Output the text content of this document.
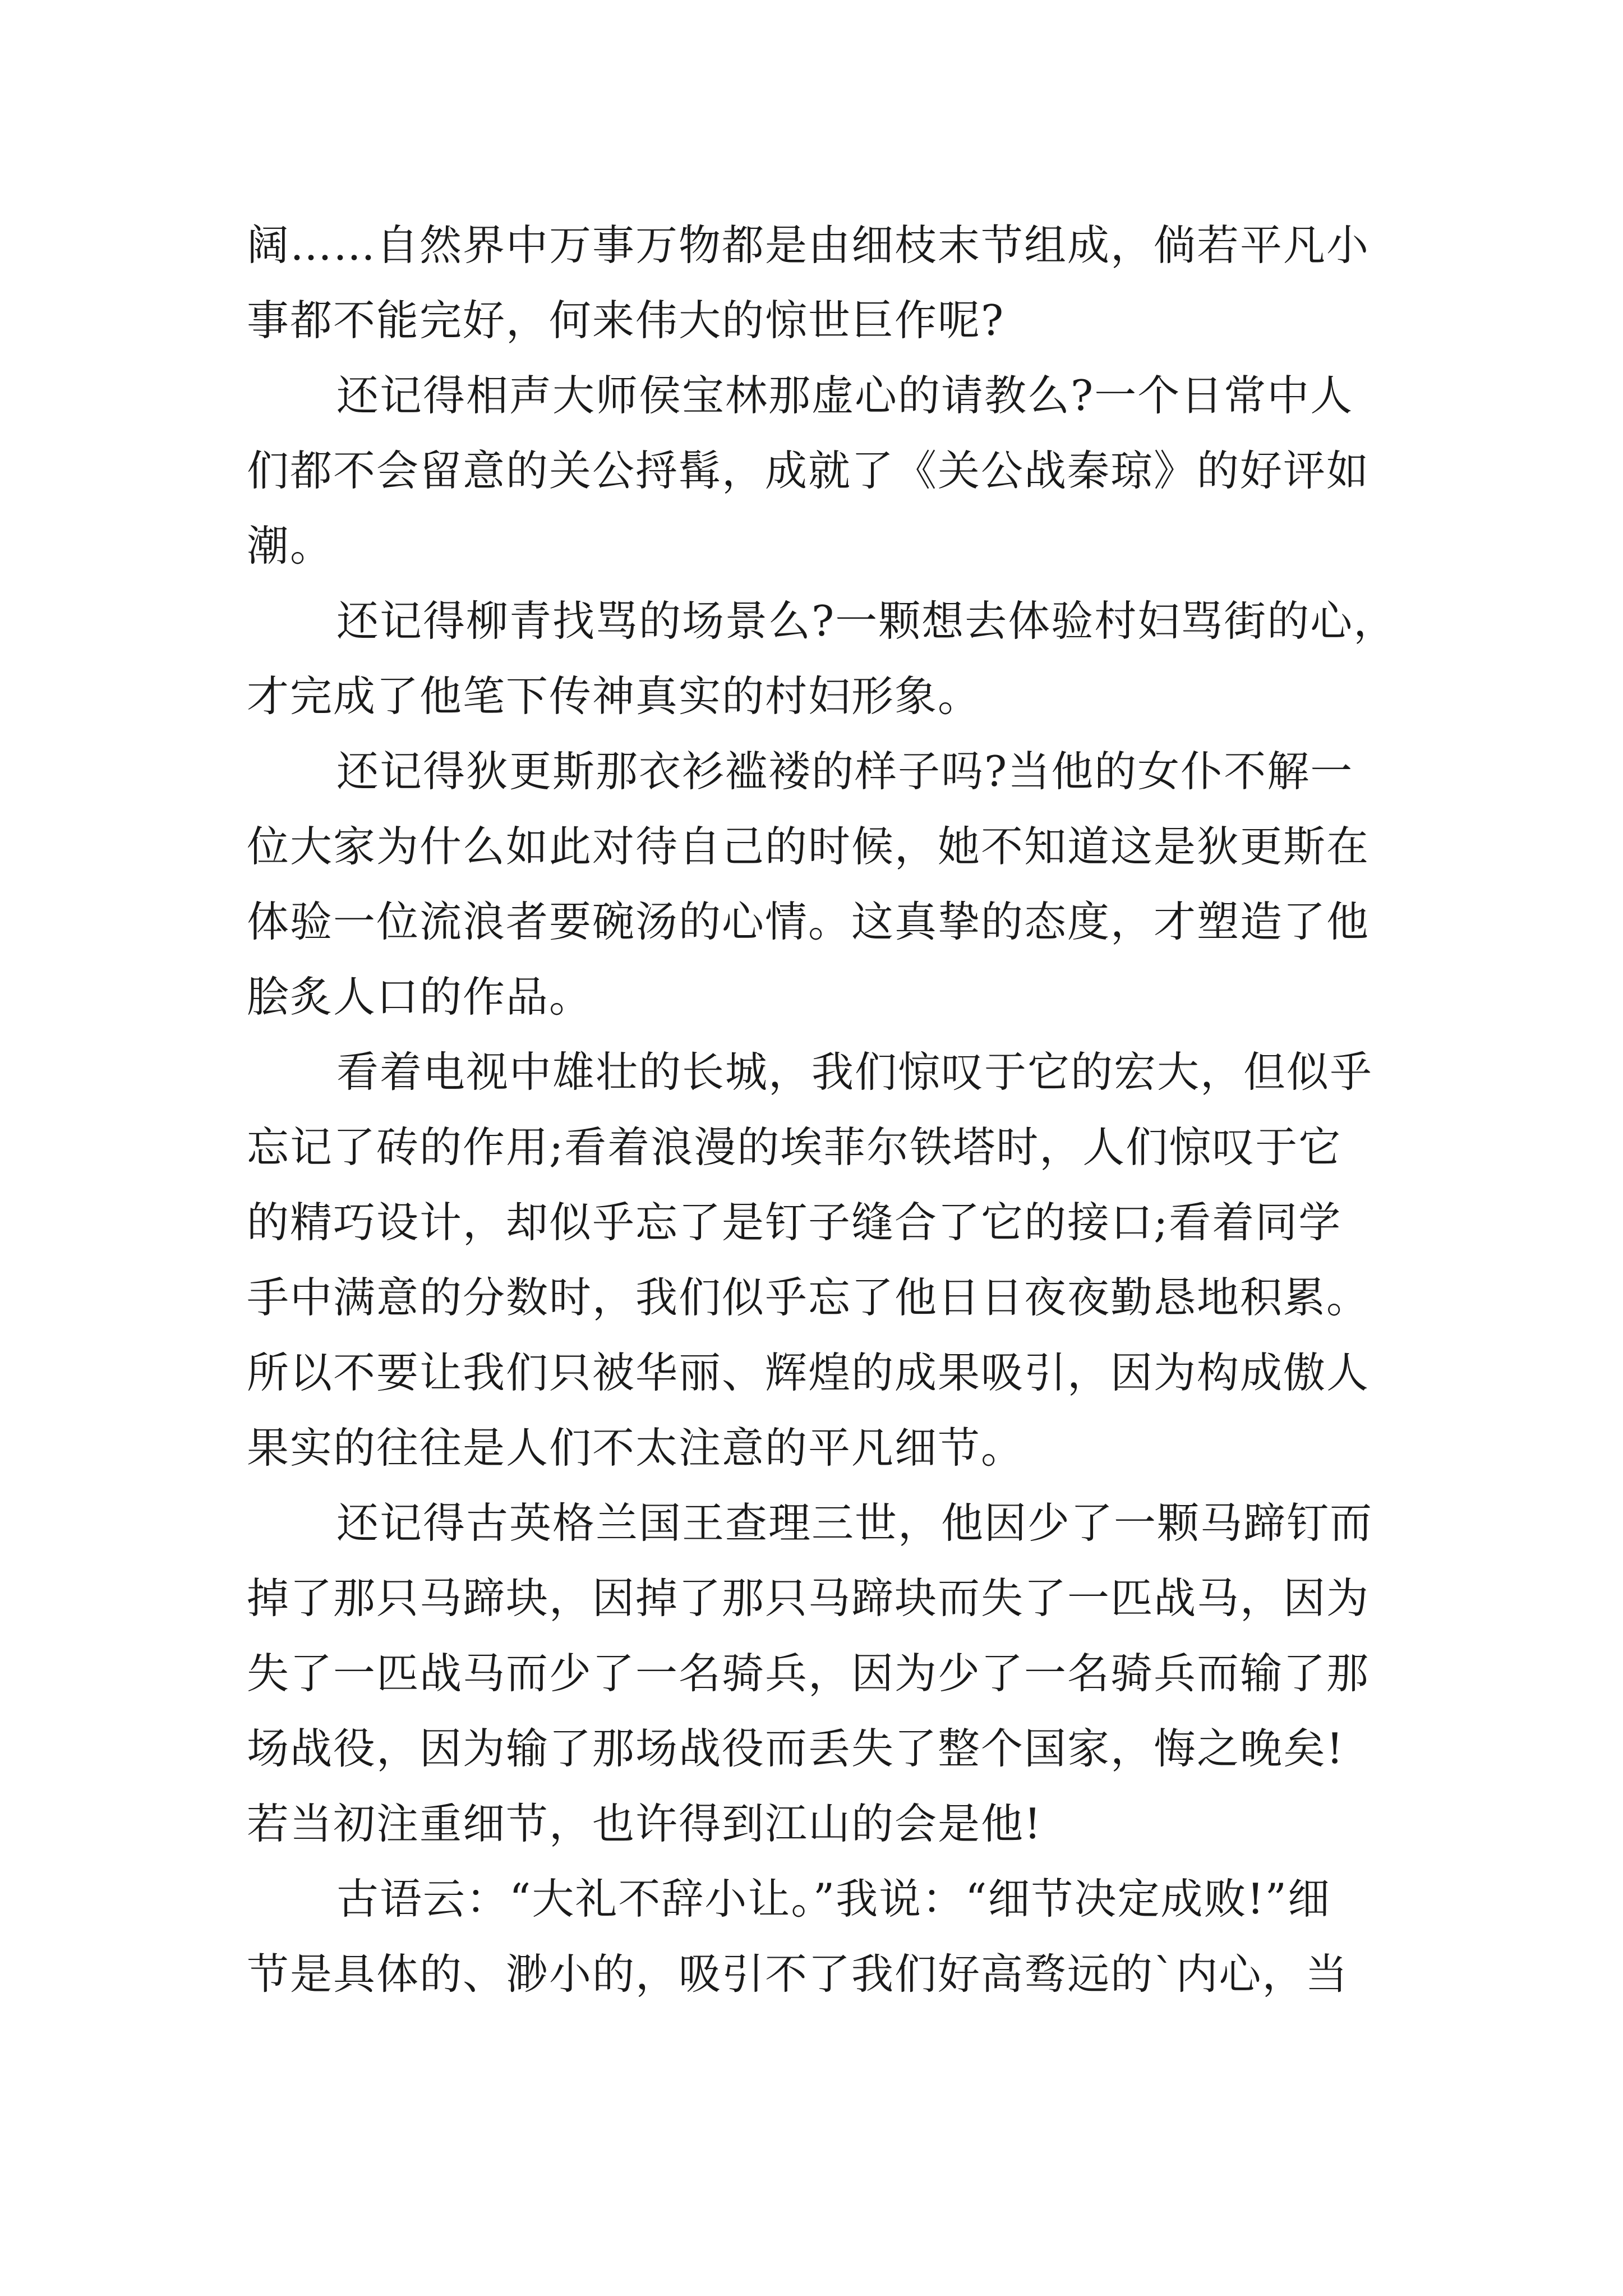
阔……自然界中万事万物都是由细枝末节组成，倘若平凡小
事都不能完好，何来伟大的惊世巨作呢?
还记得相声大师侯宝林那虚心的请教么?一个日常中人
们都不会留意的关公捋髯，成就了《关公战秦琼》的好评如
潮。
还记得柳青找骂的场景么?一颗想去体验村妇骂街的心，
才完成了他笔下传神真实的村妇形象。
还记得狄更斯那衣衫褴褛的样子吗?当他的女仆不解一
位大家为什么如此对待自己的时候，她不知道这是狄更斯在
体验一位流浪者要碗汤的心情。这真挚的态度，才塑造了他
脍炙人口的作品。
看着电视中雄壮的长城，我们惊叹于它的宏大，但似乎
忘记了砖的作用;看着浪漫的埃菲尔铁塔时，人们惊叹于它
的精巧设计，却似乎忘了是钉子缝合了它的接口;看着同学
手中满意的分数时，我们似乎忘了他日日夜夜勤恳地积累。
所以不要让我们只被华丽、辉煌的成果吸引，因为构成傲人
果实的往往是人们不太注意的平凡细节。
还记得古英格兰国王查理三世，他因少了一颗马蹄钉而
掉了那只马蹄块，因掉了那只马蹄块而失了一匹战马，因为
失了一匹战马而少了一名骑兵，因为少了一名骑兵而输了那
场战役，因为输了那场战役而丢失了整个国家，悔之晚矣!
若当初注重细节，也许得到江山的会是他!
古语云：“大礼不辞小让。”我说：“细节决定成败!”细
节是具体的、渺小的，吸引不了我们好高骛远的`内心，当
